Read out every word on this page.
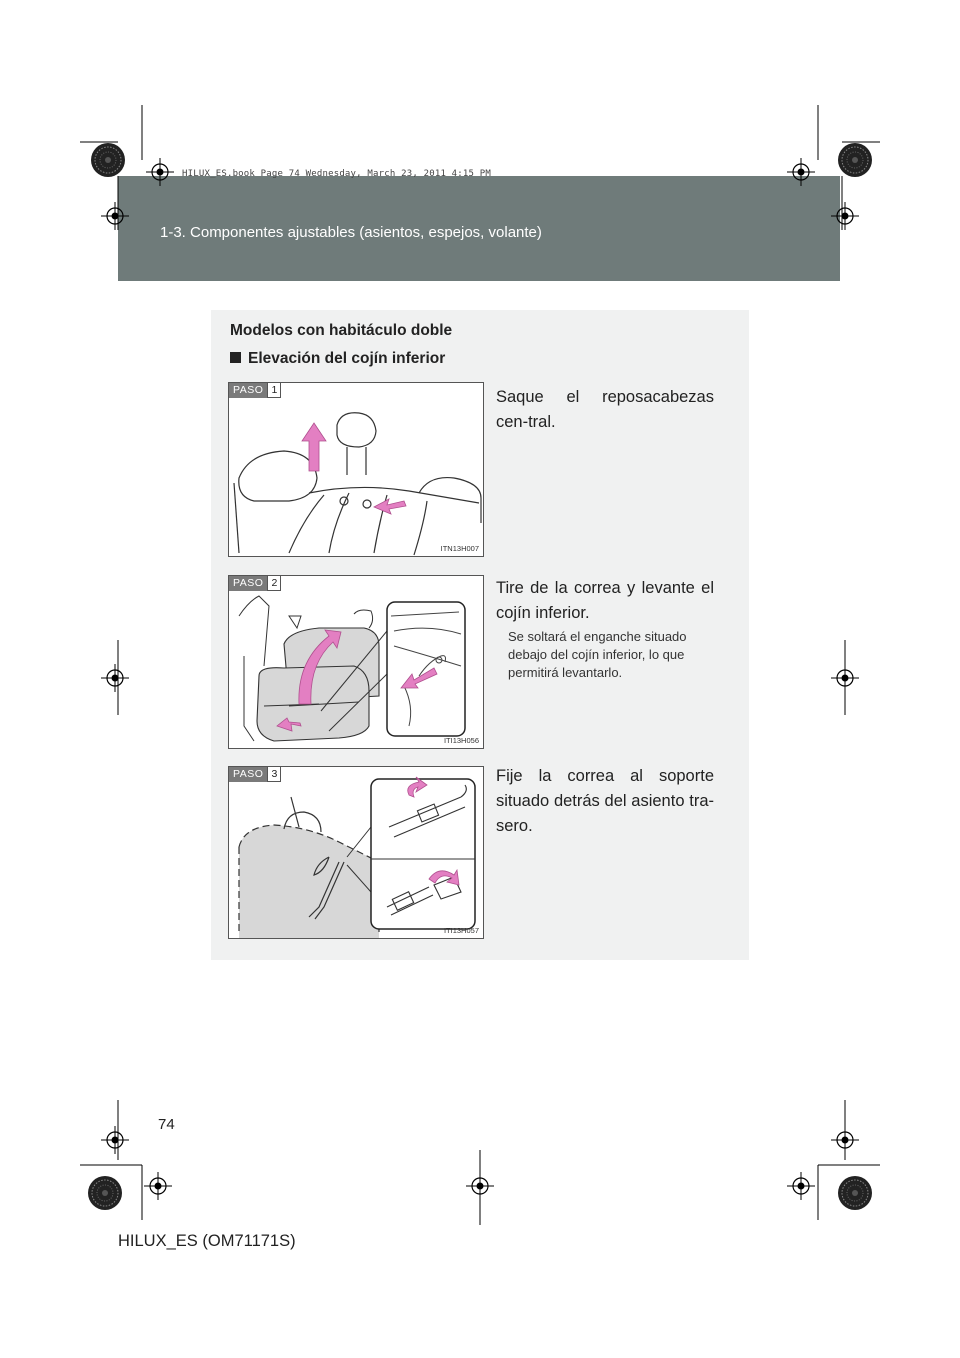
HILUX_ES.book Page 74 Wednesday, March 23, 2011 4:15 PM
1-3. Componentes ajustables (asientos, espejos, volante)
Modelos con habitáculo doble
Elevación del cojín inferior
PASO 1
ITN13H007
Saque el reposacabezas cen-tral.
PASO 2
ITI13H056
Tire de la correa y levante el cojín inferior.
Se soltará el enganche situado debajo del cojín inferior, lo que permitirá levantarlo.
PASO 3
ITI13H057
Fije la correa al soporte situado detrás del asiento tra-sero.
74
HILUX_ES (OM71171S)
